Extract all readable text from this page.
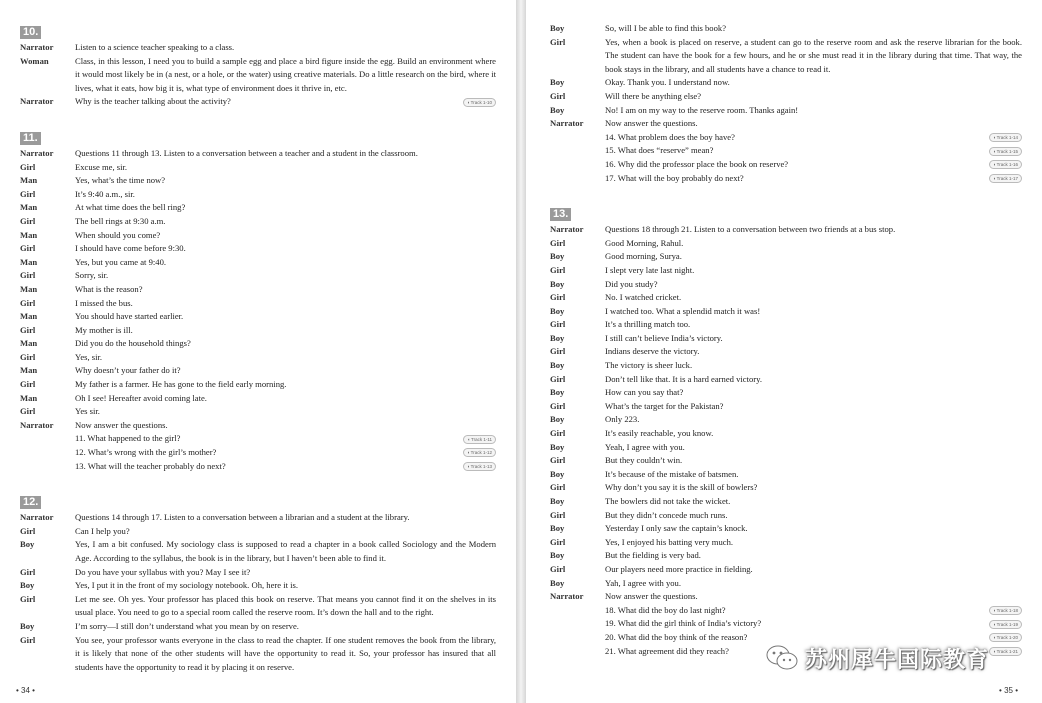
10.
Narrator	Listen to a science teacher speaking to a class.
Woman	Class, in this lesson, I need you to build a sample egg and place a bird figure inside the egg. Build an environment where it would most likely be in (a nest, or a hole, or the water) using creative materials. Do a little research on the bird, where it lives, what it eats, how big it is, what type of environment does it thrive in, etc.
Narrator	Why is the teacher talking about the activity?	◖Track 1-10
11.
Narrator	Questions 11 through 13. Listen to a conversation between a teacher and a student in the classroom.
Girl	Excuse me, sir.
Man	Yes, what’s the time now?
Girl	It’s 9:40 a.m., sir.
Man	At what time does the bell ring?
Girl	The bell rings at 9:30 a.m.
Man	When should you come?
Girl	I should have come before 9:30.
Man	Yes, but you came at 9:40.
Girl	Sorry, sir.
Man	What is the reason?
Girl	I missed the bus.
Man	You should have started earlier.
Girl	My mother is ill.
Man	Did you do the household things?
Girl	Yes, sir.
Man	Why doesn’t your father do it?
Girl	My father is a farmer. He has gone to the field early morning.
Man	Oh I see! Hereafter avoid coming late.
Girl	Yes sir.
Narrator	Now answer the questions.
11. What happened to the girl?	◖Track 1-11
12. What’s wrong with the girl’s mother?	◖Track 1-12
13. What will the teacher probably do next?	◖Track 1-13
12.
Narrator	Questions 14 through 17. Listen to a conversation between a librarian and a student at the library.
Girl	Can I help you?
Boy	Yes, I am a bit confused. My sociology class is supposed to read a chapter in a book called Sociology and the Modern Age. According to the syllabus, the book is in the library, but I haven’t been able to find it.
Girl	Do you have your syllabus with you? May I see it?
Boy	Yes, I put it in the front of my sociology notebook. Oh, here it is.
Girl	Let me see. Oh yes. Your professor has placed this book on reserve. That means you cannot find it on the shelves in its usual place. You need to go to a special room called the reserve room. It’s down the hall and to the right.
Boy	I’m sorry—I still don’t understand what you mean by on reserve.
Girl	You see, your professor wants everyone in the class to read the chapter. If one student removes the book from the library, it is likely that none of the other students will have the opportunity to read it. So, your professor has insured that all students have the opportunity to read it by placing it on reserve.
• 34 •
Boy	So, will I be able to find this book?
Girl	Yes, when a book is placed on reserve, a student can go to the reserve room and ask the reserve librarian for the book. The student can have the book for a few hours, and he or she must read it in the library during that time. That way, the book stays in the library, and all students have a chance to read it.
Boy	Okay. Thank you. I understand now.
Girl	Will there be anything else?
Boy	No! I am on my way to the reserve room. Thanks again!
Narrator	Now answer the questions.
14. What problem does the boy have?	◖Track 1-14
15. What does “reserve” mean?	◖Track 1-15
16. Why did the professor place the book on reserve?	◖Track 1-16
17. What will the boy probably do next?	◖Track 1-17
13.
Narrator	Questions 18 through 21. Listen to a conversation between two friends at a bus stop.
Girl	Good Morning, Rahul.
Boy	Good morning, Surya.
Girl	I slept very late last night.
Boy	Did you study?
Girl	No. I watched cricket.
Boy	I watched too. What a splendid match it was!
Girl	It’s a thrilling match too.
Boy	I still can’t believe India’s victory.
Girl	Indians deserve the victory.
Boy	The victory is sheer luck.
Girl	Don’t tell like that. It is a hard earned victory.
Boy	How can you say that?
Girl	What’s the target for the Pakistan?
Boy	Only 223.
Girl	It’s easily reachable, you know.
Boy	Yeah, I agree with you.
Girl	But they couldn’t win.
Boy	It’s because of the mistake of batsmen.
Girl	Why don’t you say it is the skill of bowlers?
Boy	The bowlers did not take the wicket.
Girl	But they didn’t concede much runs.
Boy	Yesterday I only saw the captain’s knock.
Girl	Yes, I enjoyed his batting very much.
Boy	But the fielding is very bad.
Girl	Our players need more practice in fielding.
Boy	Yah, I agree with you.
Narrator	Now answer the questions.
18. What did the boy do last night?	◖Track 1-18
19. What did the girl think of India’s victory?	◖Track 1-19
20. What did the boy think of the reason?	◖Track 1-20
21. What agreement did they reach?	◖Track 1-21
• 35 •
苏州犀牛国际教育
